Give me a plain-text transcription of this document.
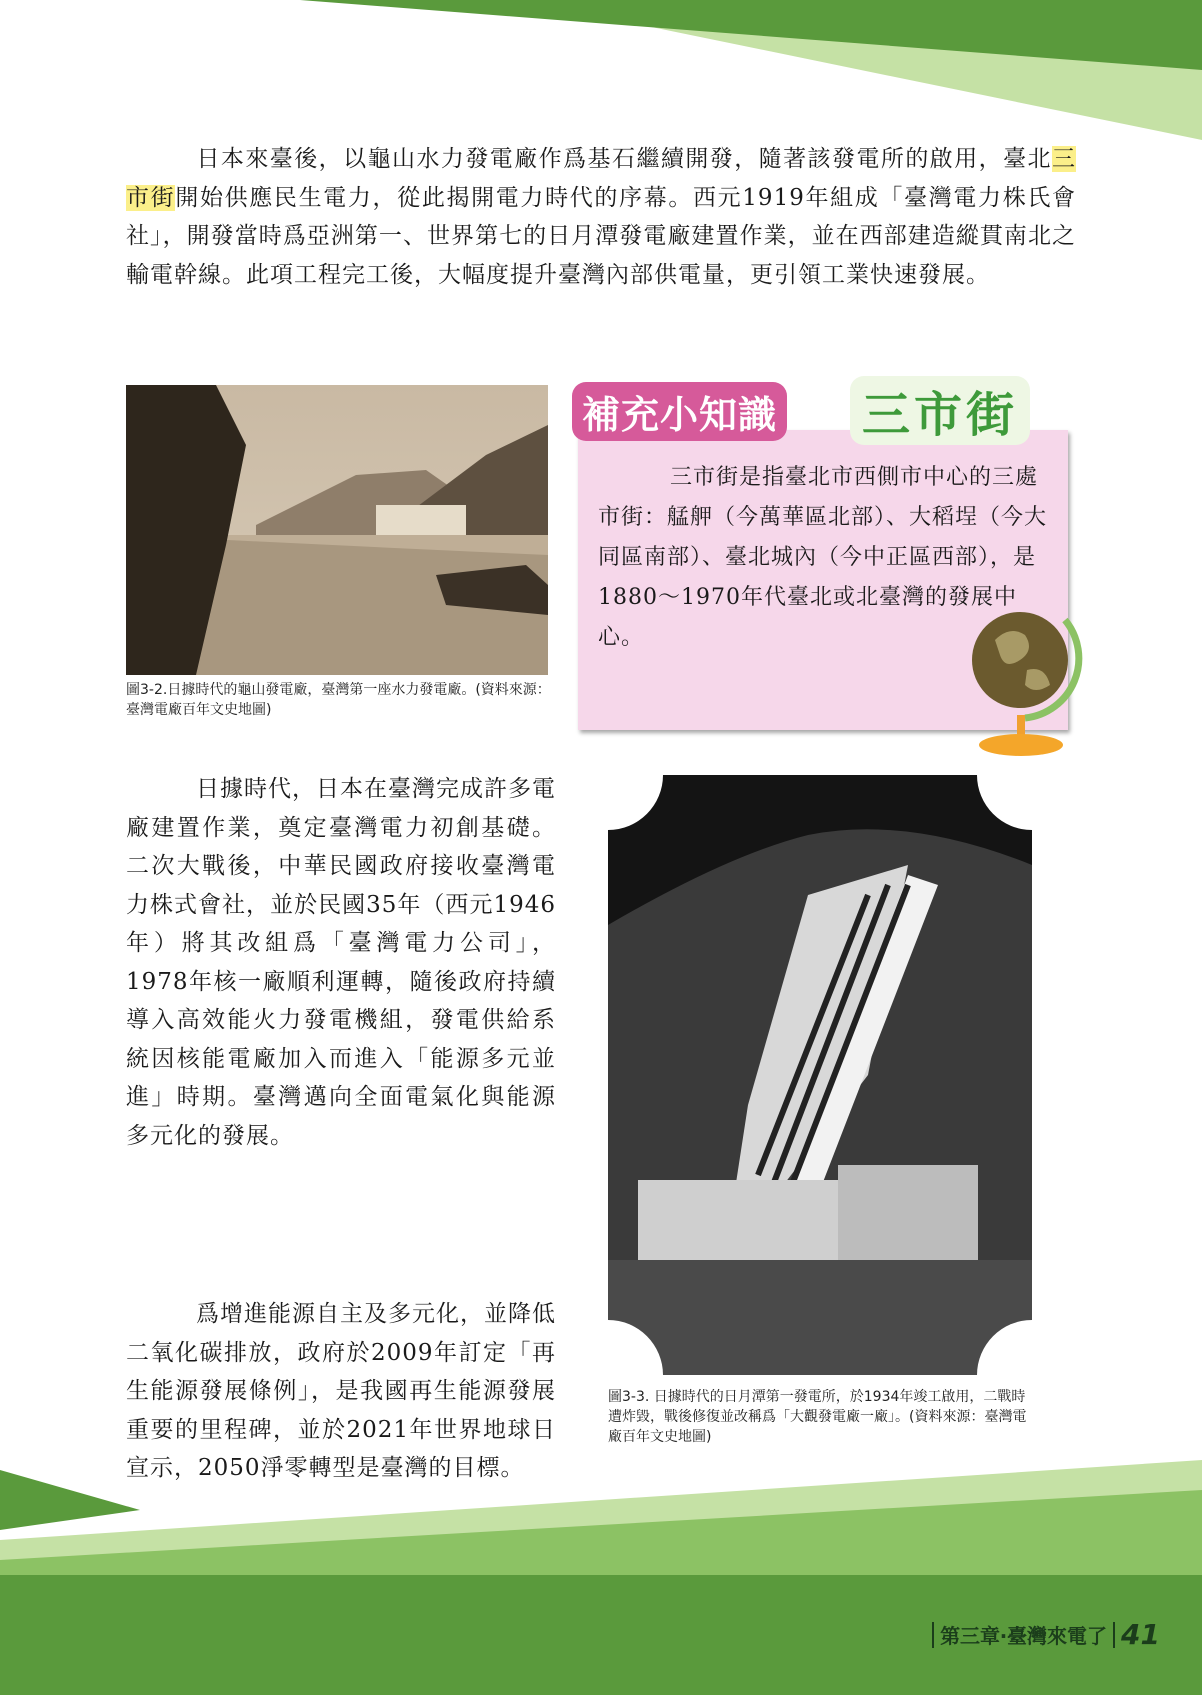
日本來臺後，以龜山水力發電廠作爲基石繼續開發，隨著該發電所的啟用，臺北三市街開始供應民生電力，從此揭開電力時代的序幕。西元1919年組成「臺灣電力株氏會社」，開發當時爲亞洲第一、世界第七的日月潭發電廠建置作業，並在西部建造縱貫南北之輸電幹線。此項工程完工後，大幅度提升臺灣內部供電量，更引領工業快速發展。

圖3-2.日據時代的龜山發電廠，臺灣第一座水力發電廠。(資料來源：臺灣電廠百年文史地圖)
補充小知識 三市街
三市街是指臺北市西側市中心的三處市街：艋舺（今萬華區北部）、大稻埕（今大同區南部）、臺北城內（今中正區西部），是1880～1970年代臺北或北臺灣的發展中心。

日據時代，日本在臺灣完成許多電廠建置作業，奠定臺灣電力初創基礎。二次大戰後，中華民國政府接收臺灣電力株式會社，並於民國35年（西元1946年）將其改組爲「臺灣電力公司」，1978年核一廠順利運轉，隨後政府持續導入高效能火力發電機組，發電供給系統因核能電廠加入而進入「能源多元並進」時期。臺灣邁向全面電氣化與能源多元化的發展。

爲增進能源自主及多元化，並降低二氧化碳排放，政府於2009年訂定「再生能源發展條例」，是我國再生能源發展重要的里程碑，並於2021年世界地球日宣示，2050淨零轉型是臺灣的目標。

圖3-3. 日據時代的日月潭第一發電所，於1934年竣工啟用，二戰時遭炸毀，戰後修復並改稱爲「大觀發電廠一廠」。(資料來源：臺灣電廠百年文史地圖)
第三章‧臺灣來電了 41
